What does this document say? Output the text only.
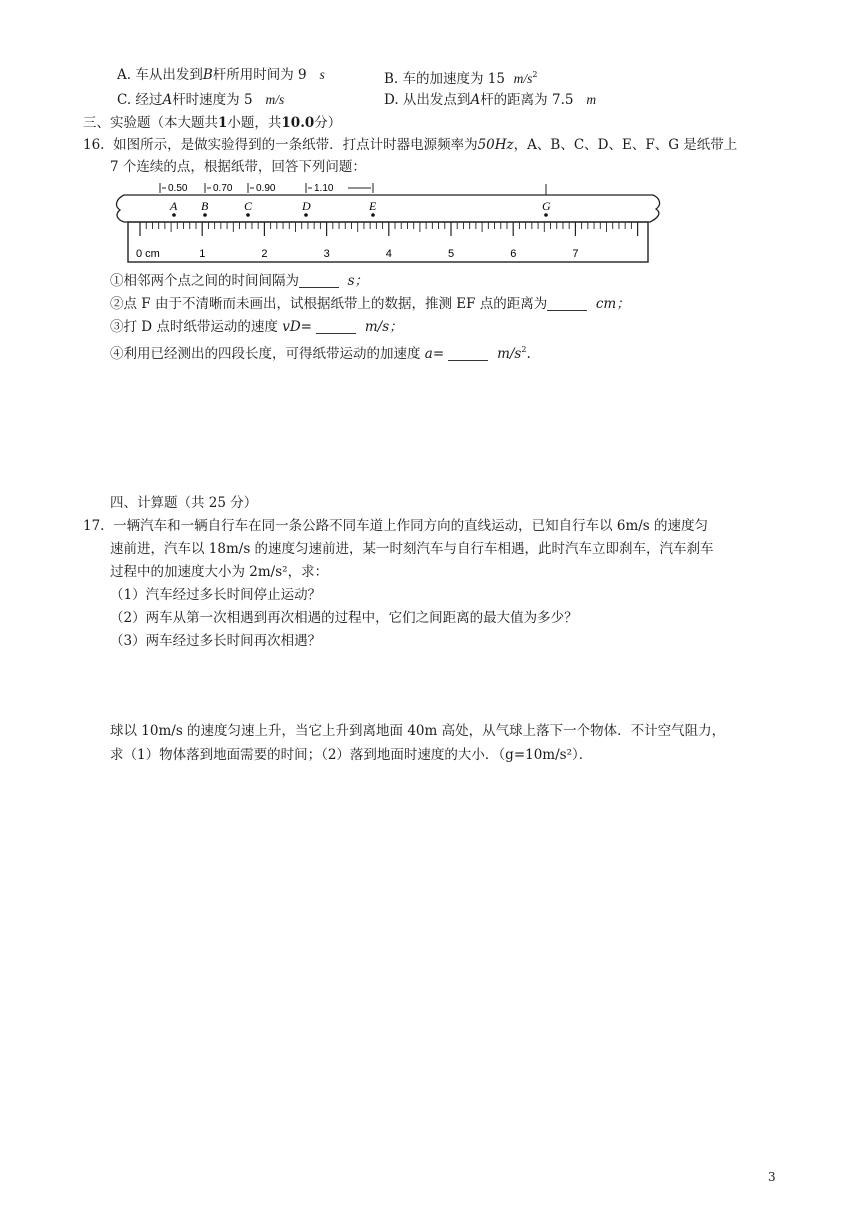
A. 车从出发到B杆所用时间为 9 s	B. 车的加速度为 15 $m/s^2$
C. 经过A杆时速度为 5 m/s	D. 从出发点到A杆的距离为 7.5 m
三、实验题（本大题共1小题，共10.0分）
16. 如图所示，是做实验得到的一条纸带．打点计时器电源频率为50Hz，A、B、C、D、E、F、G 是纸带上
7 个连续的点，根据纸带，回答下列问题：
0 cm	1	2	3	4	5	6	7
A B	C	D	E	G
0.50	0.70 0.90	1.10
①相邻两个点之间的时间间隔为	s；
②点 F 由于不清晰而未画出，试根据纸带上的数据，推测 EF 点的距离为	cm；
③打 D 点时纸带运动的速度 vD=	m/s；
④利用已经测出的四段长度，可得纸带运动的加速度 a=	$m/s^2$.
四、计算题（共 25 分）
17. 一辆汽车和一辆自行车在同一条公路不同车道上作同方向的直线运动，已知自行车以 6m/s 的速度匀
速前进，汽车以 18m/s 的速度匀速前进，某一时刻汽车与自行车相遇，此时汽车立即刹车，汽车刹车
过程中的加速度大小为 2m/s²，求：
（1）汽车经过多长时间停止运动？
（2）两车从第一次相遇到再次相遇的过程中，它们之间距离的最大值为多少？
（3）两车经过多长时间再次相遇？
球以 10m/s 的速度匀速上升，当它上升到离地面 40m 高处，从气球上落下一个物体．不计空气阻力，
求（1）物体落到地面需要的时间；（2）落到地面时速度的大小．（g=10m/s²）．
3
